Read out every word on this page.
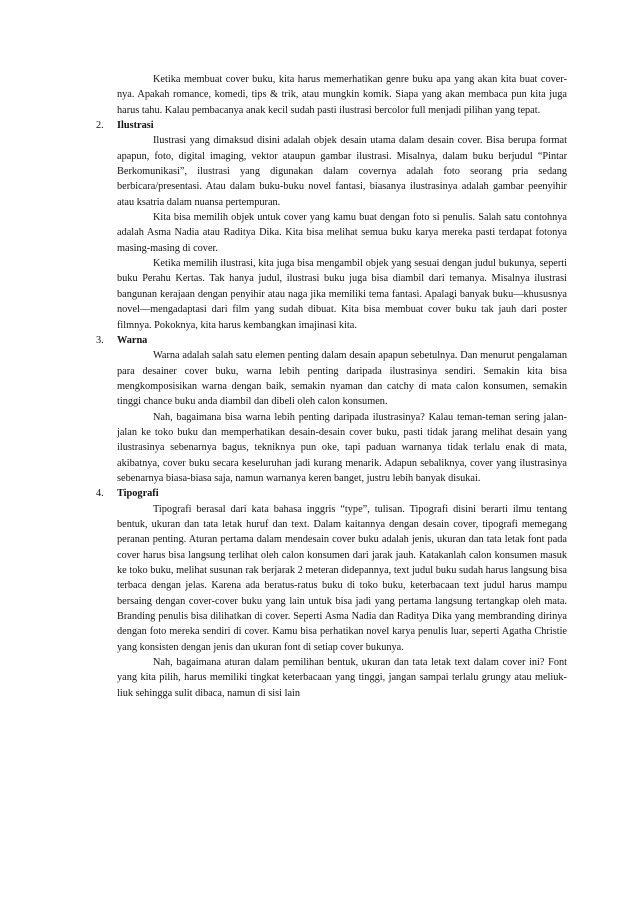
Ketika membuat cover buku, kita harus memerhatikan genre buku apa yang akan kita buat cover-nya. Apakah romance, komedi, tips & trik, atau mungkin komik. Siapa yang akan membaca pun kita juga harus tahu. Kalau pembacanya anak kecil sudah pasti ilustrasi bercolor full menjadi pilihan yang tepat.

2.	Ilustrasi

Ilustrasi yang dimaksud disini adalah objek desain utama dalam desain cover. Bisa berupa format apapun, foto, digital imaging, vektor ataupun gambar ilustrasi. Misalnya, dalam buku berjudul “Pintar Berkomunikasi”, ilustrasi yang digunakan dalam covernya adalah foto seorang pria sedang berbicara/presentasi. Atau dalam buku-buku novel fantasi, biasanya ilustrasinya adalah gambar peenyihir atau ksatria dalam nuansa pertempuran.

Kita bisa memilih objek untuk cover yang kamu buat dengan foto si penulis. Salah satu contohnya adalah Asma Nadia atau Raditya Dika. Kita bisa melihat semua buku karya mereka pasti terdapat fotonya masing-masing di cover.

Ketika memilih ilustrasi, kita juga bisa mengambil objek yang sesuai dengan judul bukunya, seperti buku Perahu Kertas. Tak hanya judul, ilustrasi buku juga bisa diambil dari temanya. Misalnya ilustrasi bangunan kerajaan dengan penyihir atau naga jika memiliki tema fantasi. Apalagi banyak buku—khususnya novel—mengadaptasi dari film yang sudah dibuat. Kita bisa membuat cover buku tak jauh dari poster filmnya. Pokoknya, kita harus kembangkan imajinasi kita.

3.	Warna

Warna adalah salah satu elemen penting dalam desain apapun sebetulnya. Dan menurut pengalaman para desainer cover buku, warna lebih penting daripada ilustrasinya sendiri. Semakin kita bisa mengkomposisikan warna dengan baik, semakin nyaman dan catchy di mata calon konsumen, semakin tinggi chance buku anda diambil dan dibeli oleh calon konsumen.

Nah, bagaimana bisa warna lebih penting daripada ilustrasinya? Kalau teman-teman sering jalan-jalan ke toko buku dan memperhatikan desain-desain cover buku, pasti tidak jarang melihat desain yang ilustrasinya sebenarnya bagus, tekniknya pun oke, tapi paduan warnanya tidak terlalu enak di mata, akibatnya, cover buku secara keseluruhan jadi kurang menarik. Adapun sebaliknya, cover yang ilustrasinya sebenarnya biasa-biasa saja, namun warnanya keren banget, justru lebih banyak disukai.

4.	Tipografi

Tipografi berasal dari kata bahasa inggris “type”, tulisan. Tipografi disini berarti ilmu tentang bentuk, ukuran dan tata letak huruf dan text. Dalam kaitannya dengan desain cover, tipografi memegang peranan penting. Aturan pertama dalam mendesain cover buku adalah jenis, ukuran dan tata letak font pada cover harus bisa langsung terlihat oleh calon konsumen dari jarak jauh. Katakanlah calon konsumen masuk ke toko buku, melihat susunan rak berjarak 2 meteran didepannya, text judul buku sudah harus langsung bisa terbaca dengan jelas. Karena ada beratus-ratus buku di toko buku, keterbacaan text judul harus mampu bersaing dengan cover-cover buku yang lain untuk bisa jadi yang pertama langsung tertangkap oleh mata. Branding penulis bisa dilihatkan di cover. Seperti Asma Nadia dan Raditya Dika yang membranding dirinya dengan foto mereka sendiri di cover. Kamu bisa perhatikan novel karya penulis luar, seperti Agatha Christie yang konsisten dengan jenis dan ukuran font di setiap cover bukunya.

Nah, bagaimana aturan dalam pemilihan bentuk, ukuran dan tata letak text dalam cover ini? Font yang kita pilih, harus memiliki tingkat keterbacaan yang tinggi, jangan sampai terlalu grungy atau meliuk-liuk sehingga sulit dibaca, namun di sisi lain
